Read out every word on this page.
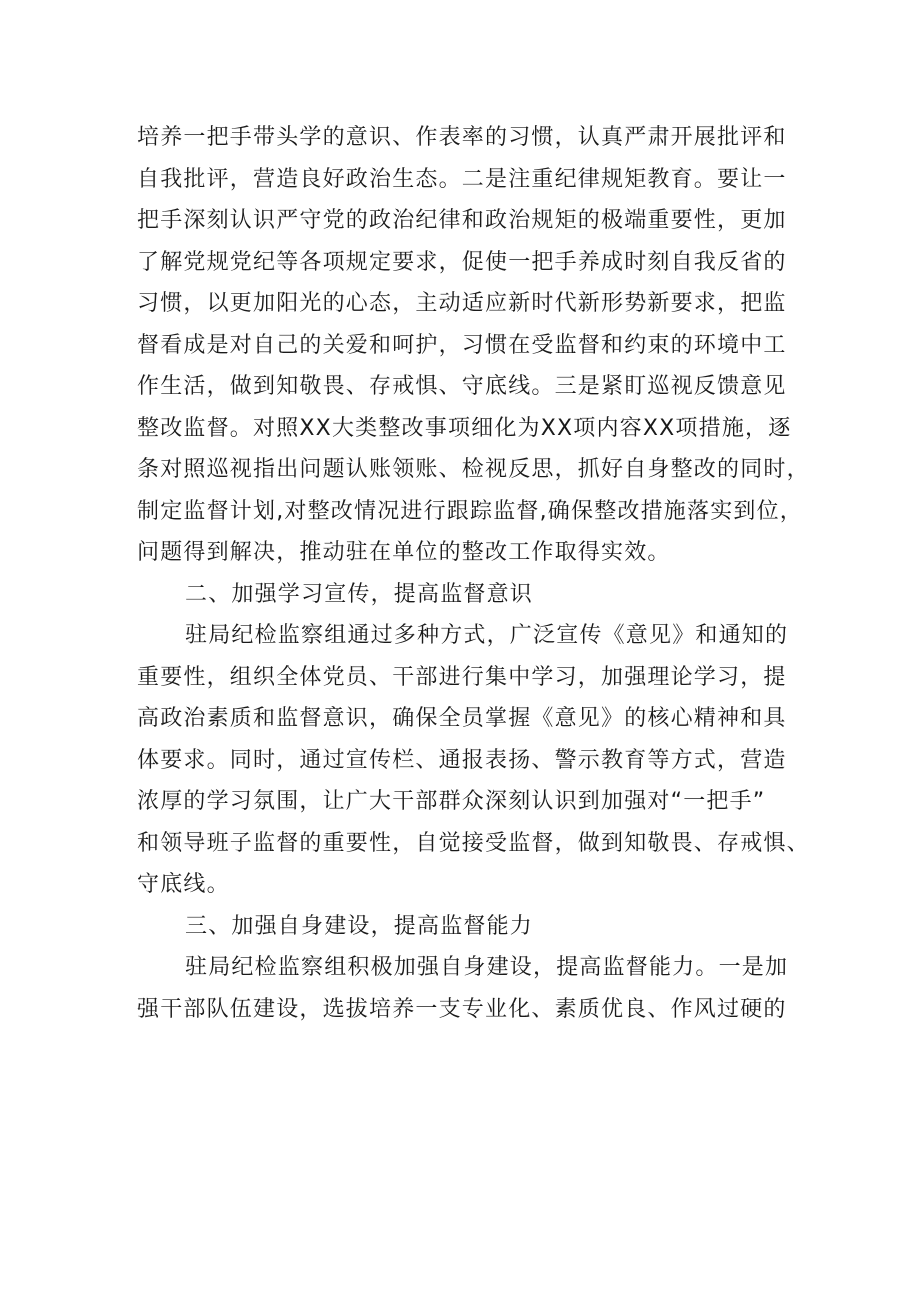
培养一把手带头学的意识、作表率的习惯，认真严肃开展批评和
自我批评，营造良好政治生态。二是注重纪律规矩教育。要让一
把手深刻认识严守党的政治纪律和政治规矩的极端重要性，更加
了解党规党纪等各项规定要求，促使一把手养成时刻自我反省的
习惯，以更加阳光的心态，主动适应新时代新形势新要求，把监
督看成是对自己的关爱和呵护，习惯在受监督和约束的环境中工
作生活，做到知敬畏、存戒惧、守底线。三是紧盯巡视反馈意见
整改监督。对照XX大类整改事项细化为XX项内容XX项措施，逐
条对照巡视指出问题认账领账、检视反思，抓好自身整改的同时，
制定监督计划,对整改情况进行跟踪监督,确保整改措施落实到位，
问题得到解决，推动驻在单位的整改工作取得实效。
二、加强学习宣传，提高监督意识
驻局纪检监察组通过多种方式，广泛宣传《意见》和通知的
重要性，组织全体党员、干部进行集中学习，加强理论学习，提
高政治素质和监督意识，确保全员掌握《意见》的核心精神和具
体要求。同时，通过宣传栏、通报表扬、警示教育等方式，营造
浓厚的学习氛围，让广大干部群众深刻认识到加强对“一把手”
和领导班子监督的重要性，自觉接受监督，做到知敬畏、存戒惧、
守底线。
三、加强自身建设，提高监督能力
驻局纪检监察组积极加强自身建设，提高监督能力。一是加
强干部队伍建设，选拔培养一支专业化、素质优良、作风过硬的
